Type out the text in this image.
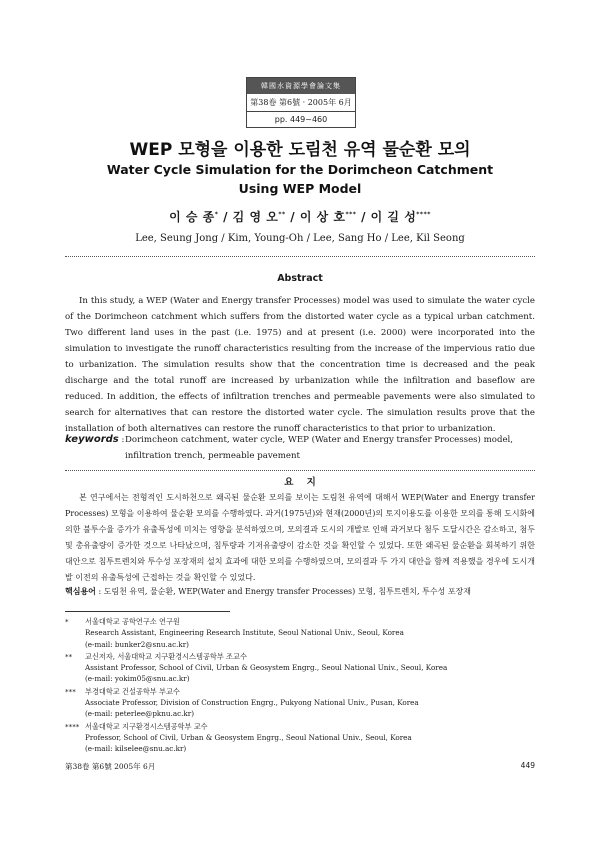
韓國水資源學會論文集
第38卷 第6號 · 2005年 6月
pp. 449~460
WEP 모형을 이용한 도림천 유역 물순환 모의
Water Cycle Simulation for the Dorimcheon Catchment
Using WEP Model
이 승 종* / 김 영 오** / 이 상 호*** / 이 길 성****
Lee, Seung Jong / Kim, Young-Oh / Lee, Sang Ho / Lee, Kil Seong
Abstract
In this study, a WEP (Water and Energy transfer Processes) model was used to simulate the water cycle of the Dorimcheon catchment which suffers from the distorted water cycle as a typical urban catchment. Two different land uses in the past (i.e. 1975) and at present (i.e. 2000) were incorporated into the simulation to investigate the runoff characteristics resulting from the increase of the impervious ratio due to urbanization. The simulation results show that the concentration time is decreased and the peak discharge and the total runoff are increased by urbanization while the infiltration and baseflow are reduced. In addition, the effects of infiltration trenches and permeable pavements were also simulated to search for alternatives that can restore the distorted water cycle. The simulation results prove that the installation of both alternatives can restore the runoff characteristics to that prior to urbanization.
keywords : Dorimcheon catchment, water cycle, WEP (Water and Energy transfer Processes) model, infiltration trench, permeable pavement
요    지
본 연구에서는 전형적인 도시하천으로 왜곡된 물순환 모의를 보이는 도림천 유역에 대해서 WEP(Water and Energy transfer Processes) 모형을 이용하여 물순환 모의를 수행하였다. 과거(1975년)와 현재(2000년)의 토지이용도를 이용한 모의를 통해 도시화에 의한 불투수율 증가가 유출특성에 미치는 영향을 분석하였으며, 모의결과 도시의 개발로 인해 과거보다 첨두 도달시간은 감소하고, 첨두 및 총유출량이 증가한 것으로 나타났으며, 침투량과 기저유출량이 감소한 것을 확인할 수 있었다. 또한 왜곡된 물순환을 회복하기 위한 대안으로 침투트렌치와 투수성 포장재의 설치 효과에 대한 모의를 수행하였으며, 모의결과 두 가지 대안을 함께 적용했을 경우에 도시개발 이전의 유출특성에 근접하는 것을 확인할 수 있었다.
핵심용어 : 도림천 유역, 물순환, WEP(Water and Energy transfer Processes) 모형, 침투트렌치, 투수성 포장재
* 서울대학교 공학연구소 연구원
Research Assistant, Engineering Research Institute, Seoul National Univ., Seoul, Korea
(e-mail: bunker2@snu.ac.kr)
** 교신저자, 서울대학교 지구환경시스템공학부 조교수
Assistant Professor, School of Civil, Urban & Geosystem Engrg., Seoul National Univ., Seoul, Korea
(e-mail: yokim05@snu.ac.kr)
*** 부경대학교 건설공학부 부교수
Associate Professor, Division of Construction Engrg., Pukyong National Univ., Pusan, Korea
(e-mail: peterlee@pknu.ac.kr)
**** 서울대학교 지구환경시스템공학부 교수
Professor, School of Civil, Urban & Geosystem Engrg., Seoul National Univ., Seoul, Korea
(e-mail: kilselee@snu.ac.kr)
第38卷 第6號 2005年 6月	449
